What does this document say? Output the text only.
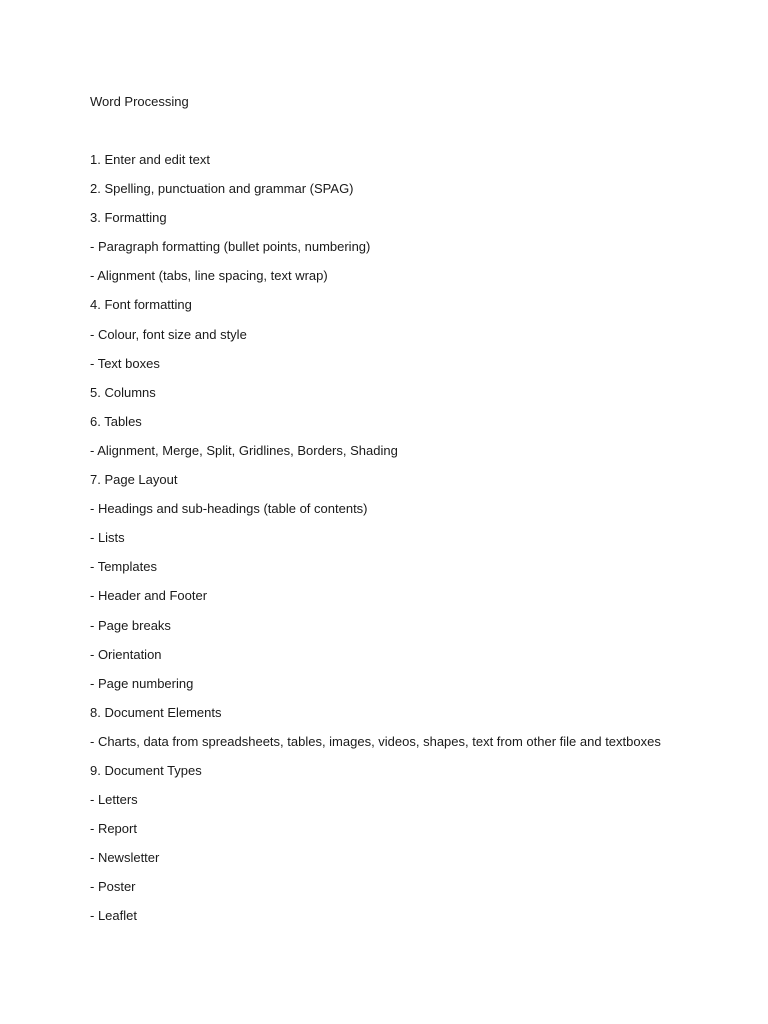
Word Processing
1. Enter and edit text
2. Spelling, punctuation and grammar (SPAG)
3. Formatting
- Paragraph formatting (bullet points, numbering)
- Alignment (tabs, line spacing, text wrap)
4. Font formatting
- Colour, font size and style
- Text boxes
5. Columns
6. Tables
- Alignment, Merge, Split, Gridlines, Borders, Shading
7. Page Layout
- Headings and sub-headings (table of contents)
- Lists
- Templates
- Header and Footer
- Page breaks
- Orientation
- Page numbering
8. Document Elements
- Charts, data from spreadsheets, tables, images, videos, shapes, text from other file and textboxes
9. Document Types
- Letters
- Report
- Newsletter
- Poster
- Leaflet
